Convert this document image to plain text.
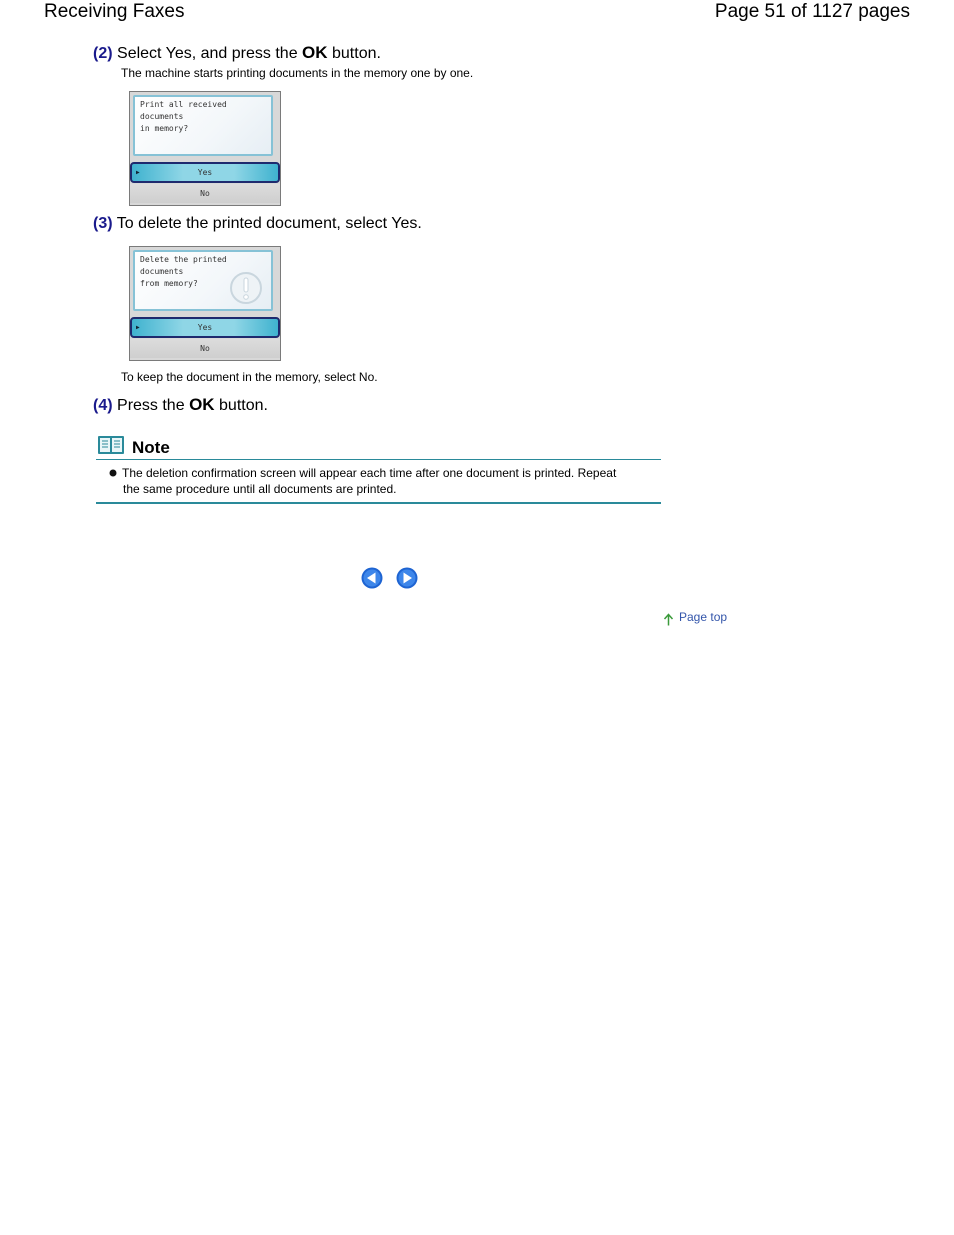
Receiving Faxes	Page 51 of 1127 pages
(2) Select Yes, and press the OK button.
The machine starts printing documents in the memory one by one.
Print all received documents
in memory?
▶	Yes
No
(3) To delete the printed document, select Yes.
Delete the printed documents
from memory?
▶	Yes
No
To keep the document in the memory, select No.
(4) Press the OK button.
Note
The deletion confirmation screen will appear each time after one document is printed. Repeat
the same procedure until all documents are printed.
Page top
